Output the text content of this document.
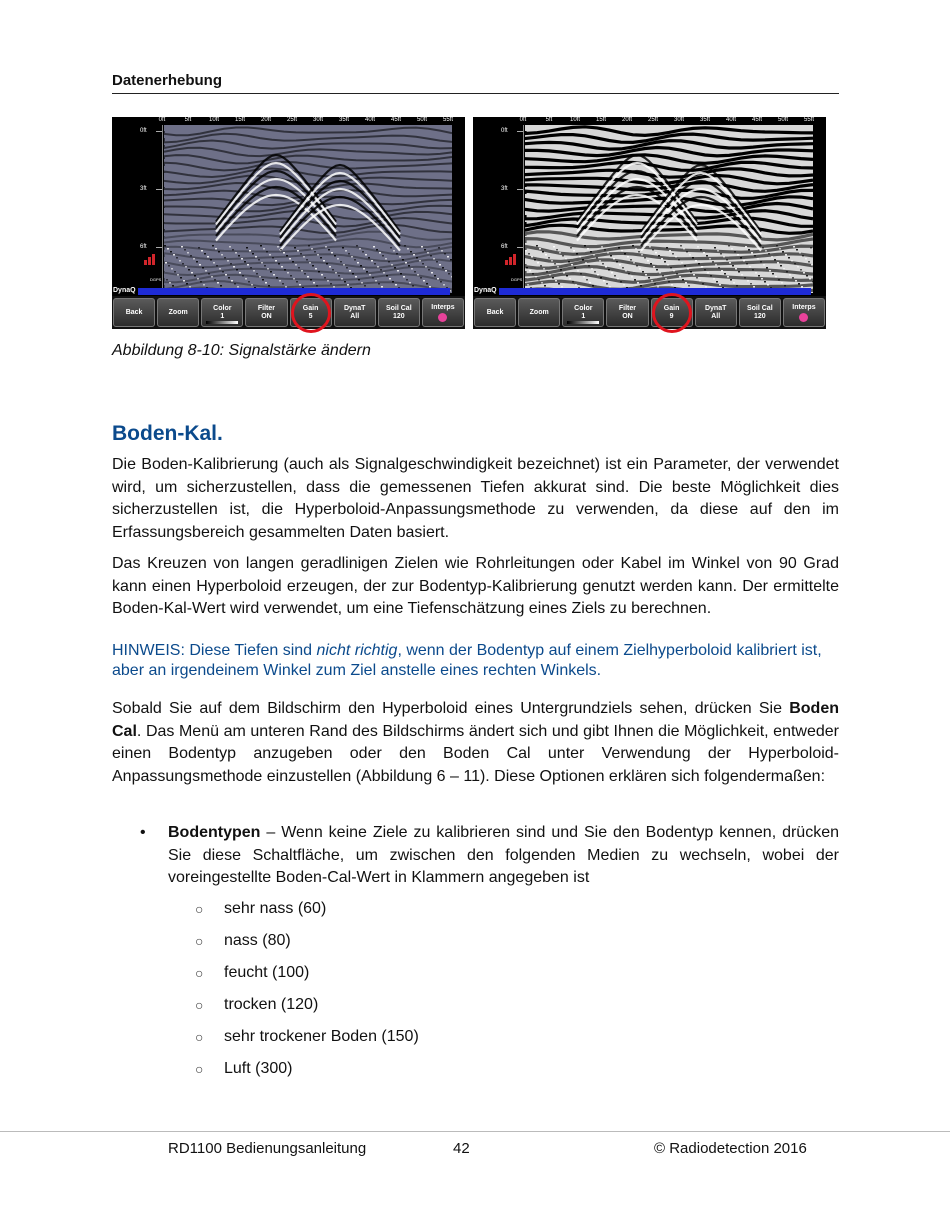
Datenerhebung
0ft	5ft	10ft	15ft	20ft	25ft	30ft	35ft	40ft	45ft	50ft	55ft
0ft
3ft
6ft
DGPS
DynaQ
Back	Zoom
Color
1
Filter
ON
Gain
5
DynaT
All
Soil Cal
120
Interps
0ft	5ft	10ft	15ft	20ft	25ft	30ft	35ft	40ft	45ft	50ft	55ft
0ft
3ft
6ft
DGPS
DynaQ
Back	Zoom
Color
1
Filter
ON
Gain
9
DynaT
All
Soil Cal
120
Interps
Abbildung 8-10: Signalstärke ändern
Boden-Kal.

Die Boden-Kalibrierung (auch als Signalgeschwindigkeit bezeichnet) ist ein Parameter, der verwendet wird, um sicherzustellen, dass die gemessenen Tiefen akkurat sind. Die beste Möglichkeit dies sicherzustellen ist, die Hyperboloid-Anpassungsmethode zu verwenden, da diese auf den im Erfassungsbereich gesammelten Daten basiert.

Das Kreuzen von langen geradlinigen Zielen wie Rohrleitungen oder Kabel im Winkel von 90 Grad kann einen Hyperboloid erzeugen, der zur Bodentyp-Kalibrierung genutzt werden kann. Der ermittelte Boden-Kal-Wert wird verwendet, um eine Tiefenschätzung eines Ziels zu berechnen.

HINWEIS: Diese Tiefen sind nicht richtig, wenn der Bodentyp auf einem Zielhyperboloid kalibriert ist, aber an irgendeinem Winkel zum Ziel anstelle eines rechten Winkels.

Sobald Sie auf dem Bildschirm den Hyperboloid eines Untergrundziels sehen, drücken Sie Boden Cal. Das Menü am unteren Rand des Bildschirms ändert sich und gibt Ihnen die Möglichkeit, entweder einen Bodentyp anzugeben oder den Boden Cal unter Verwendung der Hyperboloid-Anpassungsmethode einzustellen (Abbildung 6 – 11). Diese Optionen erklären sich folgendermaßen:

• Bodentypen – Wenn keine Ziele zu kalibrieren sind und Sie den Bodentyp kennen, drücken Sie diese Schaltfläche, um zwischen den folgenden Medien zu wechseln, wobei der voreingestellte Boden-Cal-Wert in Klammern angegeben ist

○ sehr nass (60)
○ nass (80)
○ feucht (100)
○ trocken (120)
○ sehr trockener Boden (150)
○ Luft (300)
RD1100 Bedienungsanleitung	42	© Radiodetection 2016
